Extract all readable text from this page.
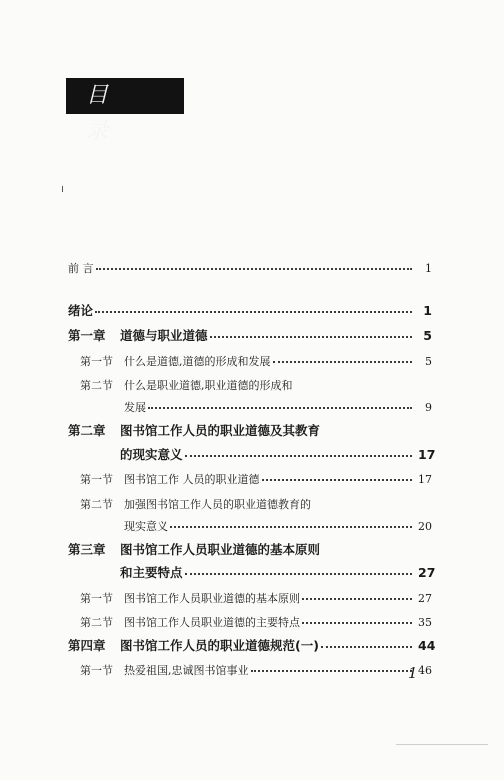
目 录
前 言	1
绪论	1
第一章 道德与职业道德	5
第一节 什么是道德,道德的形成和发展	5
第二节	什么是职业道德,职业道德的形成和
发展	9
第二章	图书馆工作人员的职业道德及其教育
的现实意义	17
第一节 图书馆工作 人员的职业道德	17
第二节	加强图书馆工作人员的职业道德教育的
现实意义	20
第三章	图书馆工作人员职业道德的基本原则
和主要特点	27
第一节 图书馆工作人员职业道德的基本原则	27
第二节 图书馆工作人员职业道德的主要特点	35
第四章 图书馆工作人员的职业道德规范(一)	44
第一节 热爱祖国,忠诚图书馆事业	46
1
